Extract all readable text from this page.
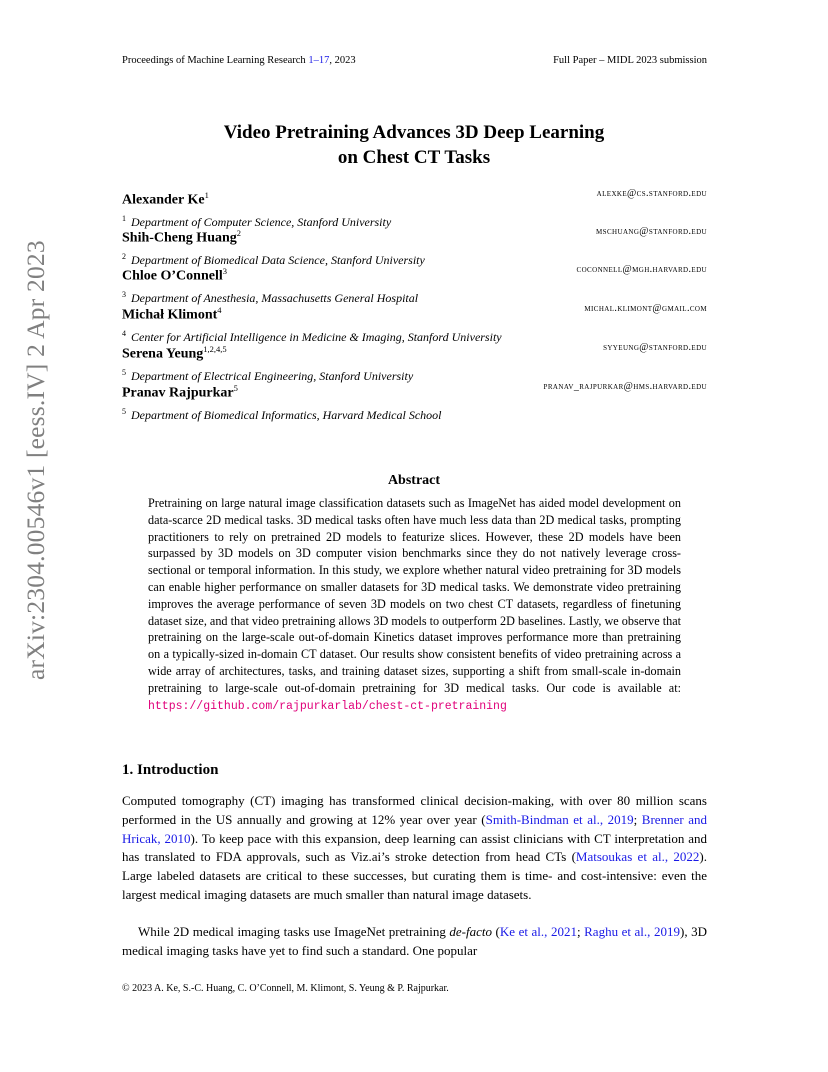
Proceedings of Machine Learning Research 1–17, 2023	Full Paper – MIDL 2023 submission
arXiv:2304.00546v1 [eess.IV] 2 Apr 2023
Video Pretraining Advances 3D Deep Learning
on Chest CT Tasks
Alexander Ke$^1$	alexke@cs.stanford.edu
$^1$ Department of Computer Science, Stanford University
Shih-Cheng Huang$^2$	mschuang@stanford.edu
$^2$ Department of Biomedical Data Science, Stanford University
Chloe O’Connell$^3$	coconnell@mgh.harvard.edu
$^3$ Department of Anesthesia, Massachusetts General Hospital
Michał Klimont$^4$	michal.klimont@gmail.com
$^4$ Center for Artificial Intelligence in Medicine & Imaging, Stanford University
Serena Yeung$^{1,2,4,5}$	syyeung@stanford.edu
$^5$ Department of Electrical Engineering, Stanford University
Pranav Rajpurkar$^5$	pranav_rajpurkar@hms.harvard.edu
$^5$ Department of Biomedical Informatics, Harvard Medical School
Abstract
Pretraining on large natural image classification datasets such as ImageNet has aided model development on data-scarce 2D medical tasks. 3D medical tasks often have much less data than 2D medical tasks, prompting practitioners to rely on pretrained 2D models to featurize slices. However, these 2D models have been surpassed by 3D models on 3D computer vision benchmarks since they do not natively leverage cross-sectional or temporal information. In this study, we explore whether natural video pretraining for 3D models can enable higher performance on smaller datasets for 3D medical tasks. We demonstrate video pretraining improves the average performance of seven 3D models on two chest CT datasets, regardless of finetuning dataset size, and that video pretraining allows 3D models to outperform 2D baselines. Lastly, we observe that pretraining on the large-scale out-of-domain Kinetics dataset improves performance more than pretraining on a typically-sized in-domain CT dataset. Our results show consistent benefits of video pretraining across a wide array of architectures, tasks, and training dataset sizes, supporting a shift from small-scale in-domain pretraining to large-scale out-of-domain pretraining for 3D medical tasks. Our code is available at: https://github.com/rajpurkarlab/chest-ct-pretraining
1. Introduction
Computed tomography (CT) imaging has transformed clinical decision-making, with over 80 million scans performed in the US annually and growing at 12% year over year (Smith-Bindman et al., 2019; Brenner and Hricak, 2010). To keep pace with this expansion, deep learning can assist clinicians with CT interpretation and has translated to FDA approvals, such as Viz.ai’s stroke detection from head CTs (Matsoukas et al., 2022). Large labeled datasets are critical to these successes, but curating them is time- and cost-intensive: even the largest medical imaging datasets are much smaller than natural image datasets.
While 2D medical imaging tasks use ImageNet pretraining de-facto (Ke et al., 2021; Raghu et al., 2019), 3D medical imaging tasks have yet to find such a standard. One popular
© 2023 A. Ke, S.-C. Huang, C. O’Connell, M. Klimont, S. Yeung & P. Rajpurkar.
